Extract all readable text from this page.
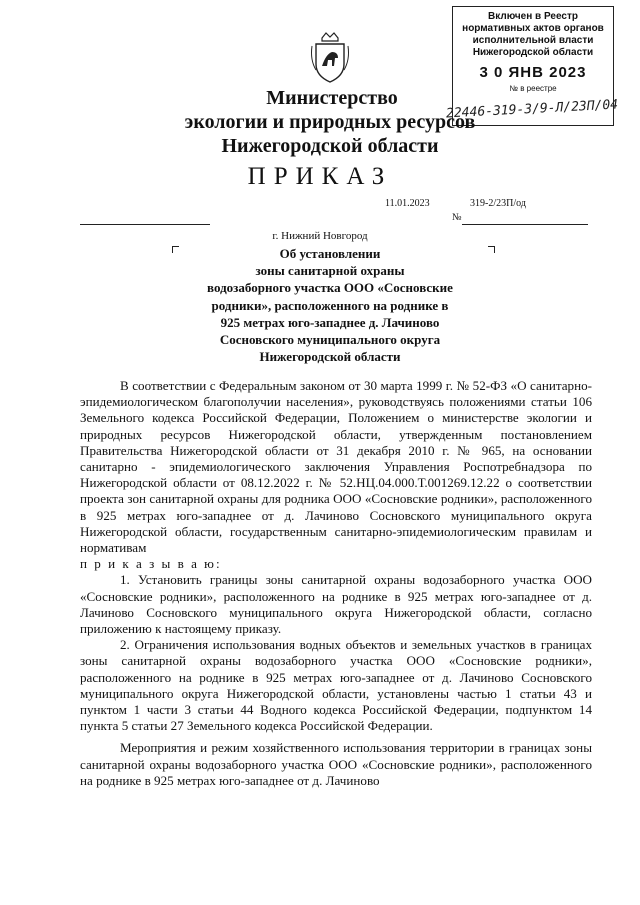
Включен в Реестр
нормативных актов органов
исполнительной власти
Нижегородской области
3 0 ЯНВ 2023
№ в реестре
22446-319-3/9-Л/23П/04
Министерство
экологии и природных ресурсов
Нижегородской области
ПРИКАЗ
11.01.2023	319-2/23П/од
№
г. Нижний Новгород
Об установлении
зоны санитарной охраны
водозаборного участка ООО «Сосновские
родники», расположенного на роднике в
925 метрах юго-западнее д. Лачиново
Сосновского муниципального округа
Нижегородской области

В соответствии с Федеральным законом от 30 марта 1999 г. № 52-ФЗ «О санитарно-эпидемиологическом благополучии населения», руководствуясь положениями статьи 106 Земельного кодекса Российской Федерации, Положением о министерстве экологии и природных ресурсов Нижегородской области, утвержденным постановлением Правительства Нижегородской области от 31 декабря 2010 г. № 965, на основании санитарно - эпидемиологического заключения Управления Роспотребнадзора по Нижегородской области от 08.12.2022 г. № 52.НЦ.04.000.Т.001269.12.22 о соответствии проекта зон санитарной охраны для родника ООО «Сосновские родники», расположенного в 925 метрах юго-западнее от д. Лачиново Сосновского муниципального округа Нижегородской области, государственным санитарно-эпидемиологическим правилам и нормативам

п р и к а з ы в а ю:

1. Установить границы зоны санитарной охраны водозаборного участка ООО «Сосновские родники», расположенного на роднике в 925 метрах юго-западнее от д. Лачиново Сосновского муниципального округа Нижегородской области, согласно приложению к настоящему приказу.

2. Ограничения использования водных объектов и земельных участков в границах зоны санитарной охраны водозаборного участка ООО «Сосновские родники», расположенного на роднике в 925 метрах юго-западнее от д. Лачиново Сосновского муниципального округа Нижегородской области, установлены частью 1 статьи 43 и пунктом 1 части 3 статьи 44 Водного кодекса Российской Федерации, подпунктом 14 пункта 5 статьи 27 Земельного кодекса Российской Федерации.

Мероприятия и режим хозяйственного использования территории в границах зоны санитарной охраны водозаборного участка ООО «Сосновские родники», расположенного на роднике в 925 метрах юго-западнее от д. Лачиново
